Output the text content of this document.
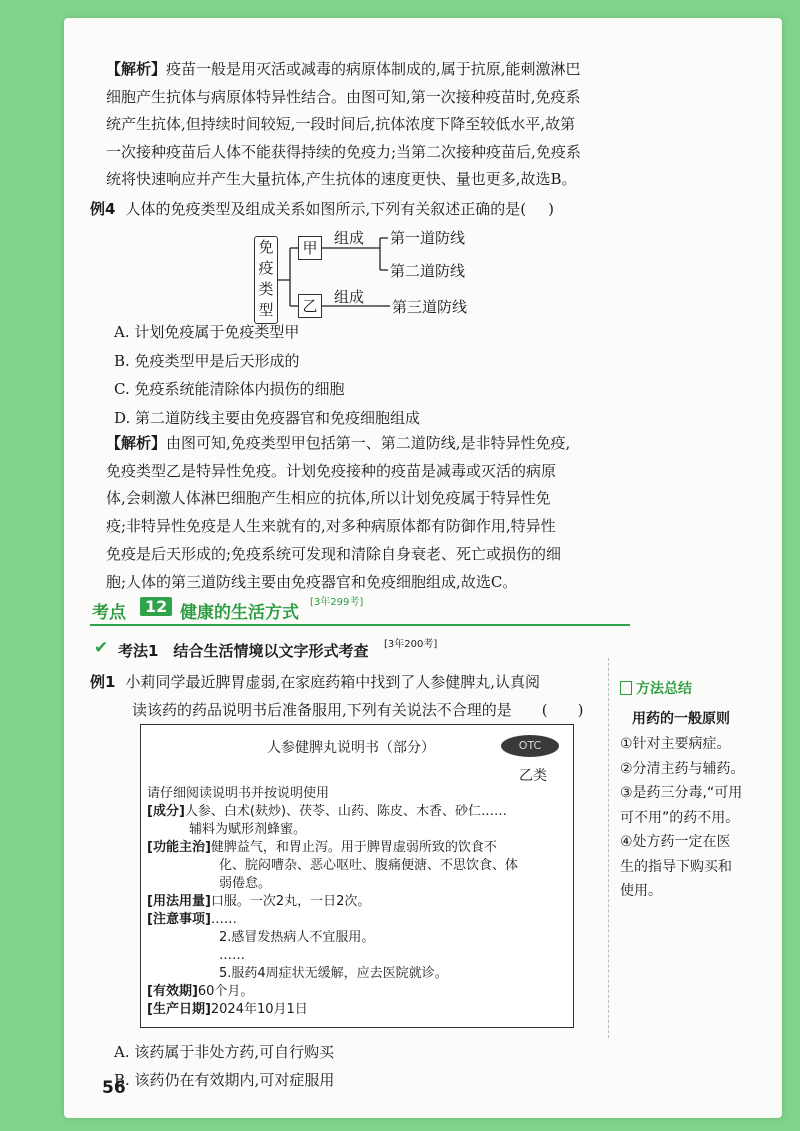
【解析】疫苗一般是用灭活或减毒的病原体制成的,属于抗原,能刺激淋巴
细胞产生抗体与病原体特异性结合。由图可知,第一次接种疫苗时,免疫系
统产生抗体,但持续时间较短,一段时间后,抗体浓度下降至较低水平,故第
一次接种疫苗后人体不能获得持续的免疫力;当第二次接种疫苗后,免疫系
统将快速响应并产生大量抗体,产生抗体的速度更快、量也更多,故选B。
例4 人体的免疫类型及组成关系如图所示,下列有关叙述正确的是( )
免
疫
类
型
甲
乙
组成
组成
第一道防线
第二道防线
第三道防线
A. 计划免疫属于免疫类型甲
B. 免疫类型甲是后天形成的
C. 免疫系统能清除体内损伤的细胞
D. 第二道防线主要由免疫器官和免疫细胞组成
【解析】由图可知,免疫类型甲包括第一、第二道防线,是非特异性免疫,
免疫类型乙是特异性免疫。计划免疫接种的疫苗是减毒或灭活的病原
体,会刺激人体淋巴细胞产生相应的抗体,所以计划免疫属于特异性免
疫;非特异性免疫是人生来就有的,对多种病原体都有防御作用,特异性
免疫是后天形成的;免疫系统可发现和清除自身衰老、死亡或损伤的细
胞;人体的第三道防线主要由免疫器官和免疫细胞组成,故选C。
考点	12 健康的生活方式
[3年299考]
✔ 考法1　结合生活情境以文字形式考查 [3年200考]
例1 小莉同学最近脾胃虚弱,在家庭药箱中找到了人参健脾丸,认真阅
读该药的药品说明书后准备服用,下列有关说法不合理的是 (　　)
人参健脾丸说明书（部分）	OTC
乙类
请仔细阅读说明书并按说明使用
[成分]人参、白术(麸炒)、茯苓、山药、陈皮、木香、砂仁……
辅料为赋形剂蜂蜜。
[功能主治]健脾益气，和胃止泻。用于脾胃虚弱所致的饮食不
化、脘闷嘈杂、恶心呕吐、腹痛便溏、不思饮食、体
弱倦怠。
[用法用量]口服。一次2丸，一日2次。
[注意事项]……
2.感冒发热病人不宜服用。
……
5.服药4周症状无缓解，应去医院就诊。
[有效期]60个月。
[生产日期]2024年10月1日
A. 该药属于非处方药,可自行购买
B. 该药仍在有效期内,可对症服用
56
方法总结
用药的一般原则
①针对主要病症。
②分清主药与辅药。
③是药三分毒,“可用
可不用”的药不用。
④处方药一定在医
生的指导下购买和
使用。
